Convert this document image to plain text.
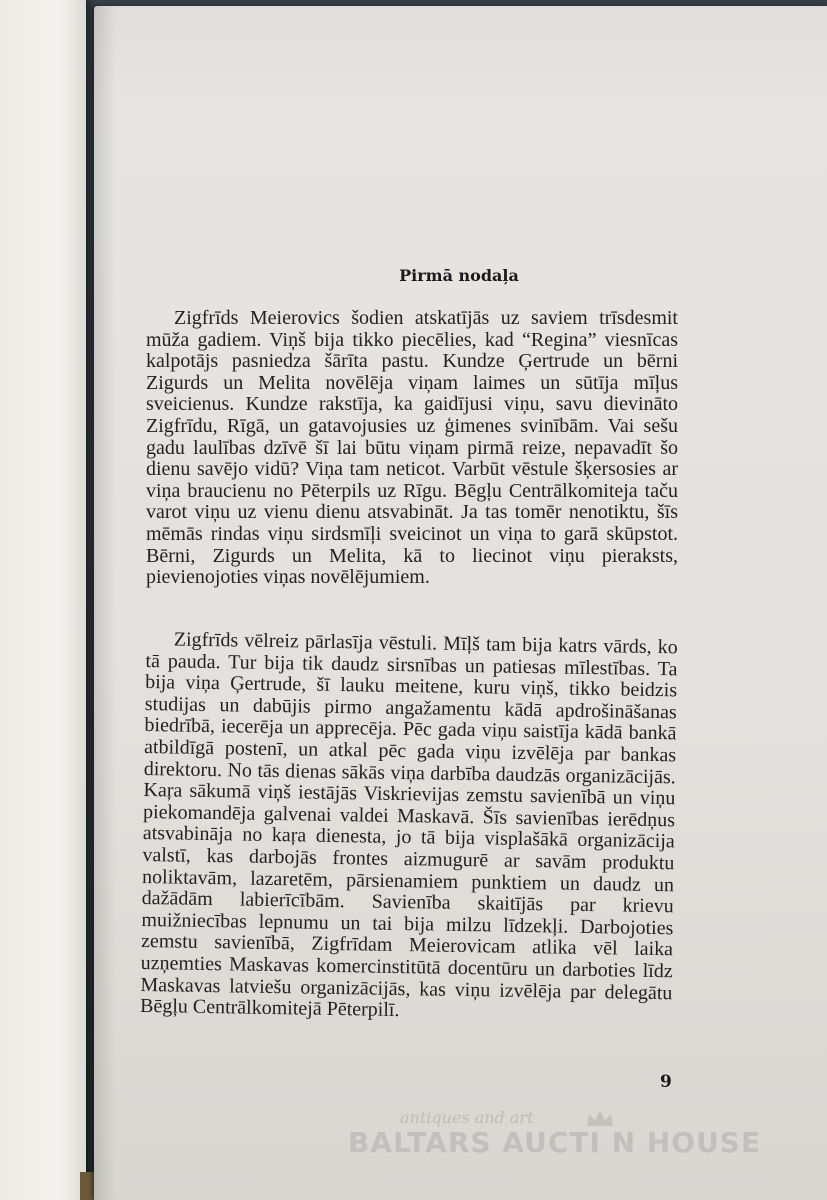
Pirmā nodaļa

Zigfrīds Meierovics šodien atskatījās uz saviem trīsdesmit mūža gadiem. Viņš bija tikko piecēlies, kad “Regina” viesnīcas kalpotājs pasniedza šārīta pastu. Kundze Ģertrude un bērni Zigurds un Melita novēlēja viņam laimes un sūtīja mīļus sveicienus. Kundze rakstīja, ka gaidījusi viņu, savu dievināto Zigfrīdu, Rīgā, un gatavojusies uz ģimenes svinībām. Vai sešu gadu laulības dzīvē šī lai būtu viņam pirmā reize, nepavadīt šo dienu savējo vidū? Viņa tam neticot. Varbūt vēstule šķersosies ar viņa braucienu no Pēterpils uz Rīgu. Bēgļu Centrālkomiteja taču varot viņu uz vienu dienu atsvabināt. Ja tas tomēr nenotiktu, šīs mēmās rindas viņu sirdsmīļi sveicinot un viņa to garā skūpstot. Bērni, Zigurds un Melita, kā to liecinot viņu pieraksts, pievienojoties viņas novēlējumiem.

Zigfrīds vēlreiz pārlasīja vēstuli. Mīļš tam bija katrs vārds, ko tā pauda. Tur bija tik daudz sirsnības un patiesas mīlestības. Ta bija viņa Ģertrude, šī lauku meitene, kuru viņš, tikko beidzis studijas un dabūjis pirmo angažamentu kādā apdrošināšanas biedrībā, iecerēja un apprecēja. Pēc gada viņu saistīja kādā bankā atbildīgā postenī, un atkal pēc gada viņu izvēlēja par bankas direktoru. No tās dienas sākās viņa darbība daudzās organizācijās. Kaŗa sākumā viņš iestājās Viskrievijas zemstu savienībā un viņu piekomandēja galvenai valdei Maskavā. Šīs savienības ierēdņus atsvabināja no kaŗa dienesta, jo tā bija visplašākā organizācija valstī, kas darbojās frontes aizmugurē ar savām produktu noliktavām, lazaretēm, pārsienamiem punktiem un daudz un dažādām labierīcībām. Savienība skaitījās par krievu muižniecības lepnumu un tai bija milzu līdzekļi. Darbojoties zemstu savienībā, Zigfrīdam Meierovicam atlika vēl laika uzņemties Maskavas komercinstitūtā docentūru un darboties līdz Maskavas latviešu organizācijās, kas viņu izvēlēja par delegātu Bēgļu Centrālkomitejā Pēterpilī.

9
antiques and art
BALTARS AUCTI N HOUSE
